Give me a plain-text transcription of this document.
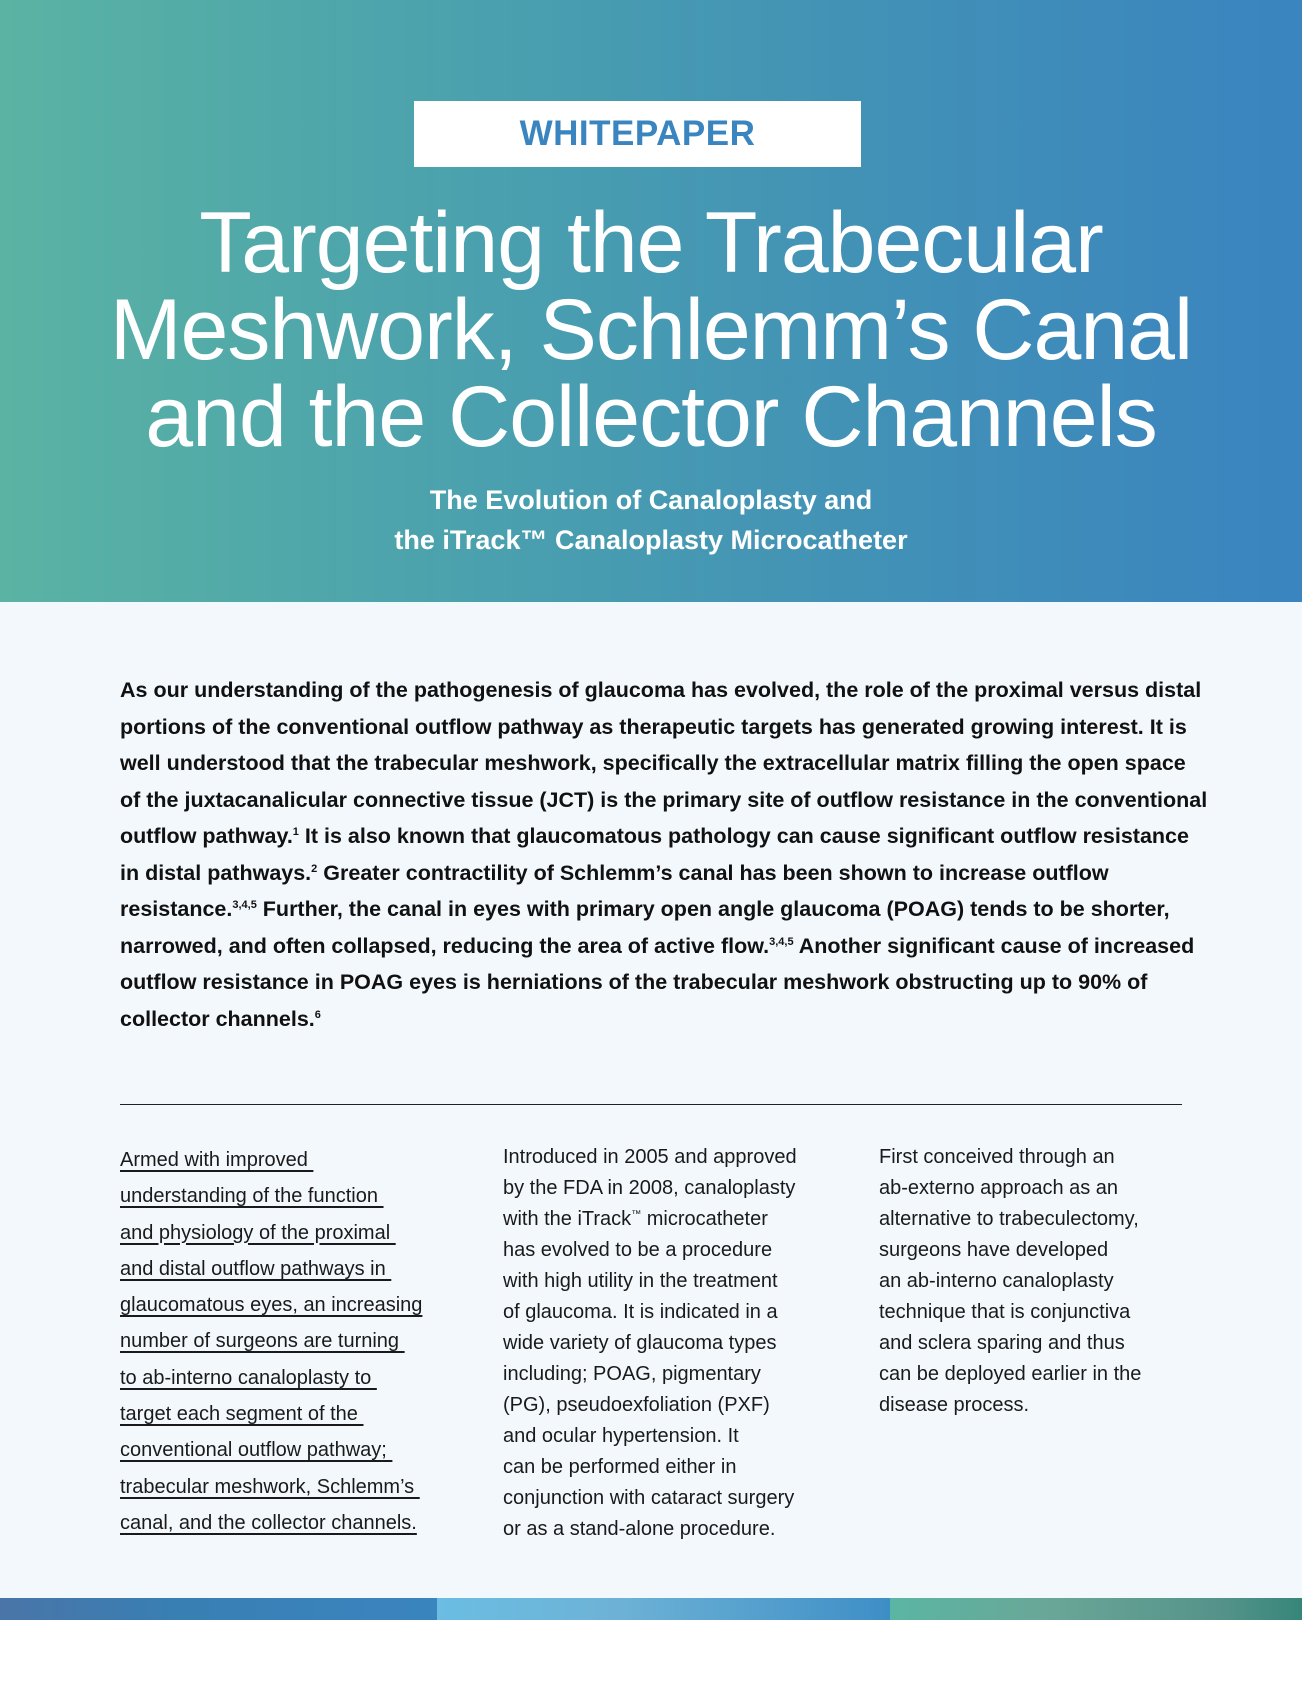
WHITEPAPER
Targeting the Trabecular
Meshwork, Schlemm’s Canal
and the Collector Channels
The Evolution of Canaloplasty and
the iTrack™ Canaloplasty Microcatheter

As our understanding of the pathogenesis of glaucoma has evolved, the role of the proximal versus distal portions of the conventional outflow pathway as therapeutic targets has generated growing interest. It is well understood that the trabecular meshwork, specifically the extracellular matrix filling the open space of the juxtacanalicular connective tissue (JCT) is the primary site of outflow resistance in the conventional outflow pathway.$^1$ It is also known that glaucomatous pathology can cause significant outflow resistance in distal pathways.$^2$ Greater contractility of Schlemm’s canal has been shown to increase outflow resistance.$^{3,4,5}$ Further, the canal in eyes with primary open angle glaucoma (POAG) tends to be shorter, narrowed, and often collapsed, reducing the area of active flow.$^{3,4,5}$ Another significant cause of increased outflow resistance in POAG eyes is herniations of the trabecular meshwork obstructing up to 90% of collector channels.$^6$

Armed with improved
understanding of the function
and physiology of the proximal
and distal outflow pathways in
glaucomatous eyes, an increasing
number of surgeons are turning
to ab-interno canaloplasty to
target each segment of the
conventional outflow pathway;
trabecular meshwork, Schlemm’s
canal, and the collector channels.
Introduced in 2005 and approved
by the FDA in 2008, canaloplasty
with the iTrack™ microcatheter
has evolved to be a procedure
with high utility in the treatment
of glaucoma. It is indicated in a
wide variety of glaucoma types
including; POAG, pigmentary
(PG), pseudoexfoliation (PXF)
and ocular hypertension. It
can be performed either in
conjunction with cataract surgery
or as a stand-alone procedure.
First conceived through an
ab-externo approach as an
alternative to trabeculectomy,
surgeons have developed
an ab-interno canaloplasty
technique that is conjunctiva
and sclera sparing and thus
can be deployed earlier in the
disease process.
